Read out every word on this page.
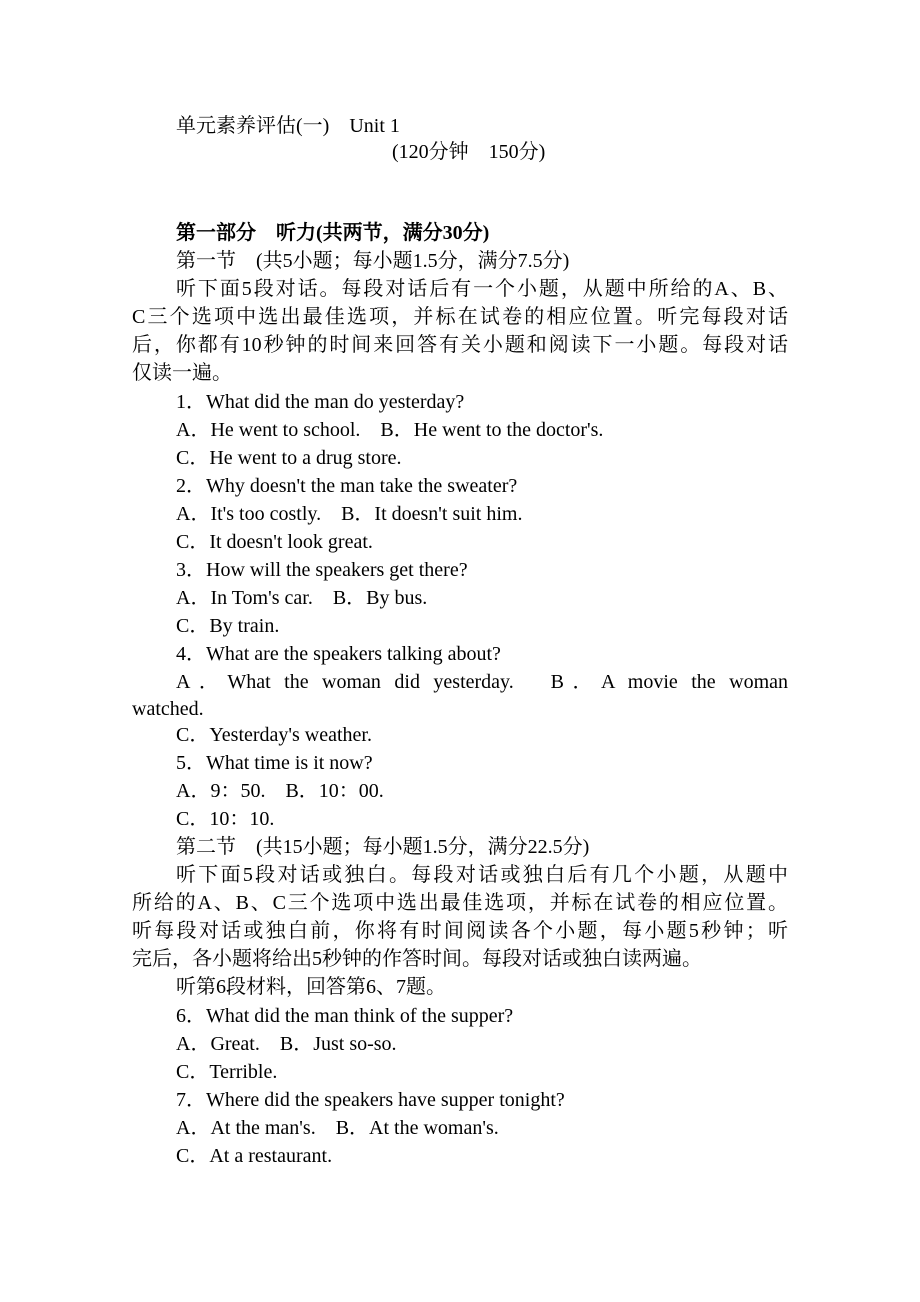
单元素养评估(一)　Unit 1
(120分钟　150分)
第一部分　听力(共两节，满分30分)
第一节　(共5小题；每小题1.5分，满分7.5分)
听下面5段对话。每段对话后有一个小题，从题中所给的A、B、
C三个选项中选出最佳选项，并标在试卷的相应位置。听完每段对话
后，你都有10秒钟的时间来回答有关小题和阅读下一小题。每段对话
仅读一遍。
1．What did the man do yesterday?
A．He went to school.　B．He went to the doctor's.
C．He went to a drug store.
2．Why doesn't the man take the sweater?
A．It's too costly.　B．It doesn't suit him.
C．It doesn't look great.
3．How will the speakers get there?
A．In Tom's car.　B．By bus.
C．By train.
4．What are the speakers talking about?
A．What the woman did yesterday.　B．A movie the woman
watched.
C．Yesterday's weather.
5．What time is it now?
A．9：50.　B．10：00.
C．10：10.
第二节　(共15小题；每小题1.5分，满分22.5分)
听下面5段对话或独白。每段对话或独白后有几个小题，从题中
所给的A、B、C三个选项中选出最佳选项，并标在试卷的相应位置。
听每段对话或独白前，你将有时间阅读各个小题，每小题5秒钟；听
完后，各小题将给出5秒钟的作答时间。每段对话或独白读两遍。
听第6段材料，回答第6、7题。
6．What did the man think of the supper?
A．Great.　B．Just so-so.
C．Terrible.
7．Where did the speakers have supper tonight?
A．At the man's.　B．At the woman's.
C．At a restaurant.
